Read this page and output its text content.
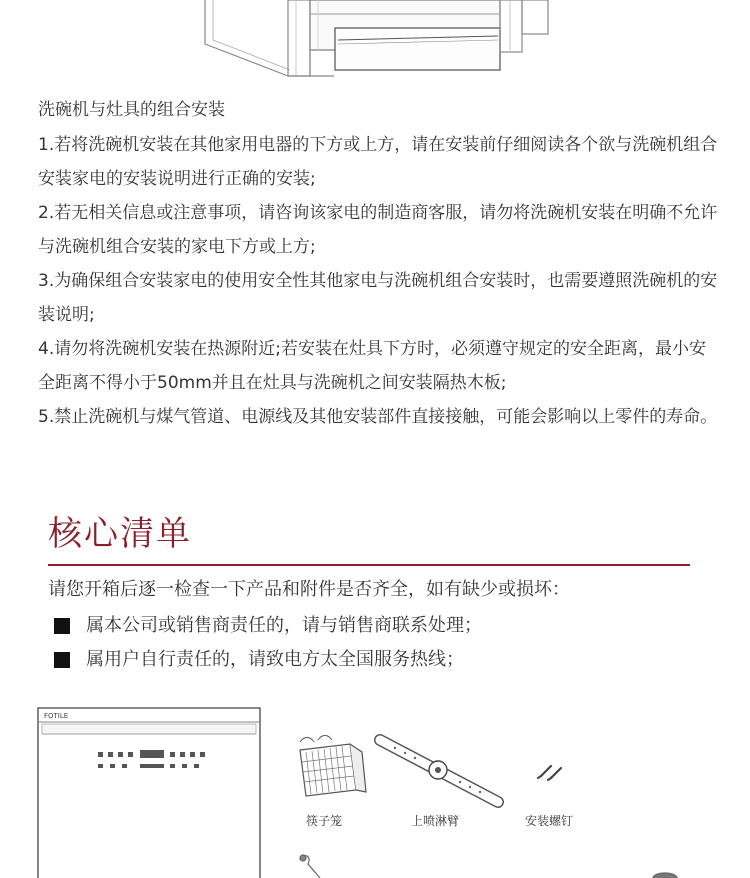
洗碗机与灶具的组合安装

1.若将洗碗机安装在其他家用电器的下方或上方，请在安装前仔细阅读各个欲与洗碗机组合安装家电的安装说明进行正确的安装;

2.若无相关信息或注意事项，请咨询该家电的制造商客服，请勿将洗碗机安装在明确不允许与洗碗机组合安装的家电下方或上方;

3.为确保组合安装家电的使用安全性其他家电与洗碗机组合安装时，也需要遵照洗碗机的安装说明;

4.请勿将洗碗机安装在热源附近;若安装在灶具下方时，必须遵守规定的安全距离，最小安全距离不得小于50mm并且在灶具与洗碗机之间安装隔热木板;

5.禁止洗碗机与煤气管道、电源线及其他安装部件直接接触，可能会影响以上零件的寿命。

核心清单
请您开箱后逐一检查一下产品和附件是否齐全，如有缺少或损坏：
属本公司或销售商责任的，请与销售商联系处理；
属用户自行责任的，请致电方太全国服务热线；
FOTILE
筷子笼	上喷淋臂	安装螺钉
